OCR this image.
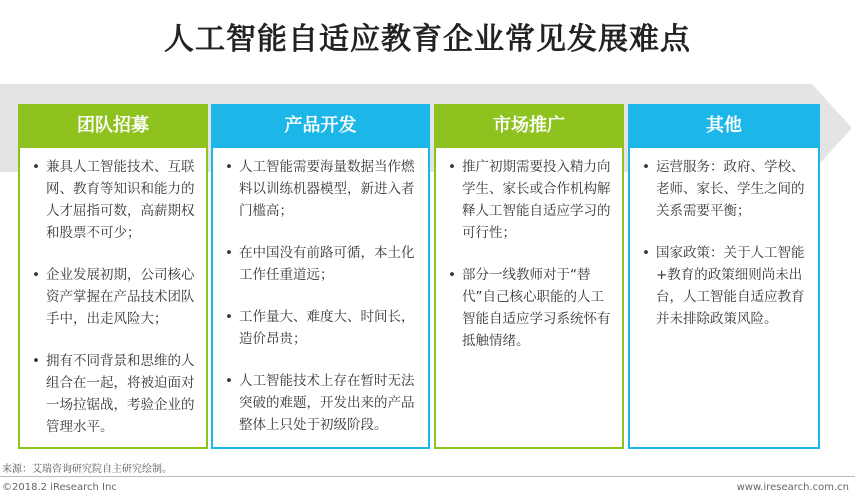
人工智能自适应教育企业常见发展难点
团队招募
• 兼具人工智能技术、互联网、教育等知识和能力的人才屈指可数，高薪期权和股票不可少；
• 企业发展初期，公司核心资产掌握在产品技术团队手中，出走风险大；
• 拥有不同背景和思维的人组合在一起，将被迫面对一场拉锯战，考验企业的管理水平。
产品开发
• 人工智能需要海量数据当作燃料以训练机器模型，新进入者门槛高；
• 在中国没有前路可循，本土化工作任重道远；
• 工作量大、难度大、时间长，造价昂贵；
• 人工智能技术上存在暂时无法突破的难题，开发出来的产品整体上只处于初级阶段。
市场推广
• 推广初期需要投入精力向学生、家长或合作机构解释人工智能自适应学习的可行性；
• 部分一线教师对于“替代”自己核心职能的人工智能自适应学习系统怀有抵触情绪。
其他
• 运营服务：政府、学校、老师、家长、学生之间的关系需要平衡；
• 国家政策：关于人工智能+教育的政策细则尚未出台，人工智能自适应教育并未排除政策风险。
来源：艾瑞咨询研究院自主研究绘制。
©2018.2 iResearch Inc	www.iresearch.com.cn
